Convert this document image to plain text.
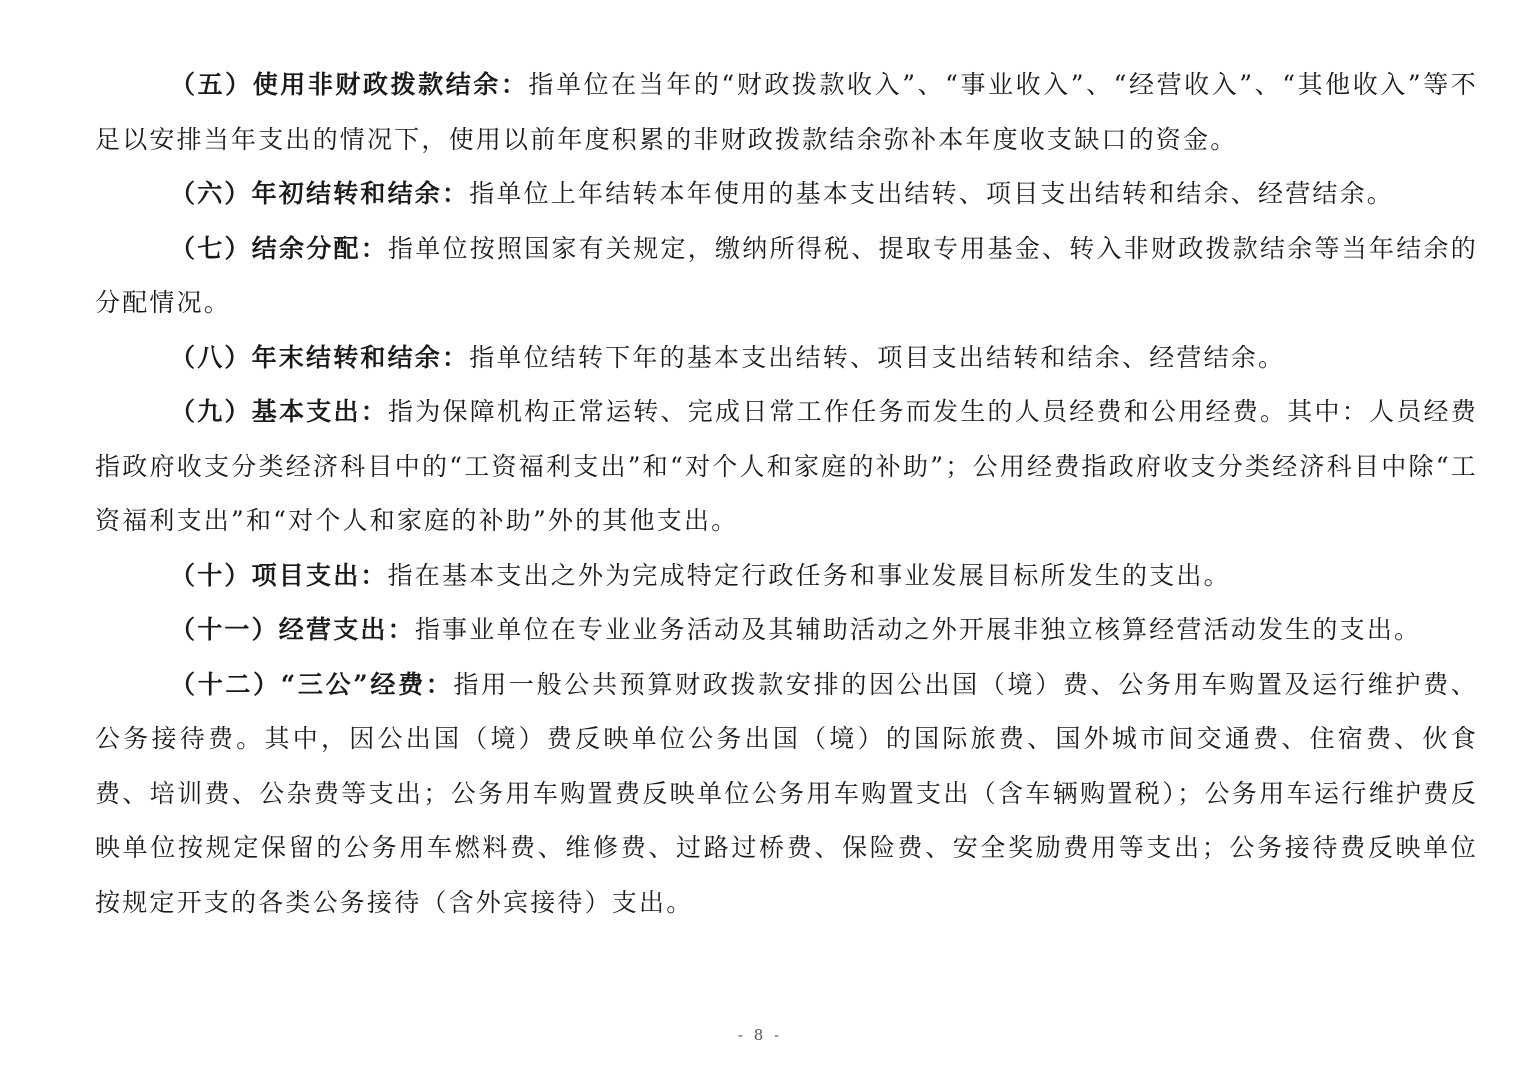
（五）使用非财政拨款结余：指单位在当年的“财政拨款收入”、“事业收入”、“经营收入”、“其他收入”等不足以安排当年支出的情况下，使用以前年度积累的非财政拨款结余弥补本年度收支缺口的资金。

（六）年初结转和结余：指单位上年结转本年使用的基本支出结转、项目支出结转和结余、经营结余。

（七）结余分配：指单位按照国家有关规定，缴纳所得税、提取专用基金、转入非财政拨款结余等当年结余的分配情况。

（八）年末结转和结余：指单位结转下年的基本支出结转、项目支出结转和结余、经营结余。

（九）基本支出：指为保障机构正常运转、完成日常工作任务而发生的人员经费和公用经费。其中：人员经费指政府收支分类经济科目中的“工资福利支出”和“对个人和家庭的补助”；公用经费指政府收支分类经济科目中除“工资福利支出”和“对个人和家庭的补助”外的其他支出。

（十）项目支出：指在基本支出之外为完成特定行政任务和事业发展目标所发生的支出。

（十一）经营支出：指事业单位在专业业务活动及其辅助活动之外开展非独立核算经营活动发生的支出。

（十二）“三公”经费：指用一般公共预算财政拨款安排的因公出国（境）费、公务用车购置及运行维护费、公务接待费。其中，因公出国（境）费反映单位公务出国（境）的国际旅费、国外城市间交通费、住宿费、伙食费、培训费、公杂费等支出；公务用车购置费反映单位公务用车购置支出（含车辆购置税）；公务用车运行维护费反映单位按规定保留的公务用车燃料费、维修费、过路过桥费、保险费、安全奖励费用等支出；公务接待费反映单位按规定开支的各类公务接待（含外宾接待）支出。

- 8 -
